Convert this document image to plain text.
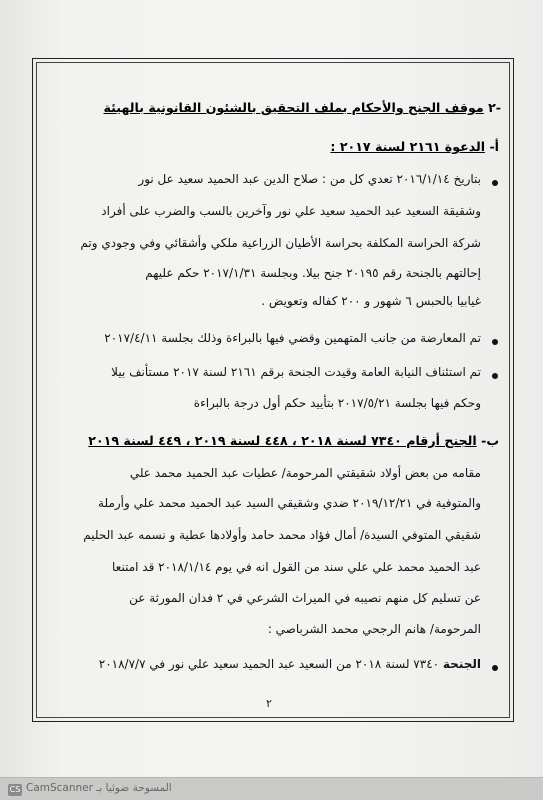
-٢ موقف الجنح والأحكام بملف التحقيق بالشئون القانونية بالهيئة
أ- الدعوة ٢١٦١ لسنة ٢٠١٧ :
بتاريخ ٢٠١٦/١/١٤ تعدي كل من : صلاح الدين عبد الحميد سعيد عل نور
وشقيقة السعيد عبد الحميد سعيد علي نور وآخرين بالسب والضرب على أفراد
شركة الحراسة المكلفة بحراسة الأطيان الزراعية ملكي وأشقائي وفي وجودي وتم
إحالتهم بالجنحة رقم ٢٠١٩٥ جنح بيلا. وبجلسة ٢٠١٧/١/٣١ حكم عليهم
غيابيا بالحبس ٦ شهور و ٢٠٠ كفاله وتعويض .
تم المعارضة من جانب المتهمين وقضي فيها بالبراءة وذلك بجلسة ٢٠١٧/٤/١١
تم استئناف النيابة العامة وقيدت الجنحة برقم ٢١٦١ لسنة ٢٠١٧ مستأنف بيلا
وحكم فيها بجلسة ٢٠١٧/٥/٢١ بتأييد حكم أول درجة بالبراءة
ب- الجنح أرقام ٧٣٤٠ لسنة ٢٠١٨ ، ٤٤٨ لسنة ٢٠١٩ ، ٤٤٩ لسنة ٢٠١٩
مقامه من بعض أولاد شقيقتي المرحومة/ عطيات عبد الحميد محمد علي
والمتوفية في ٢٠١٩/١٢/٢١ ضدي وشقيقي السيد عبد الحميد محمد علي وأرملة
شقيقي المتوفي السيدة/ أمال فؤاد محمد حامد وأولادها عطية و نسمه عبد الحليم
عبد الحميد محمد علي علي سند من القول انه في يوم ٢٠١٨/١/١٤ قد امتنعا
عن تسليم كل منهم نصيبه في الميراث الشرعي في ٢ فدان المورثة عن
المرحومة/ هانم الرجحي محمد الشرباصي :
الجنحة ٧٣٤٠ لسنة ٢٠١٨ من السعيد عبد الحميد سعيد علي نور في ٢٠١٨/٧/٧
٢
CS CamScanner المسوحة ضوئيا بـ
